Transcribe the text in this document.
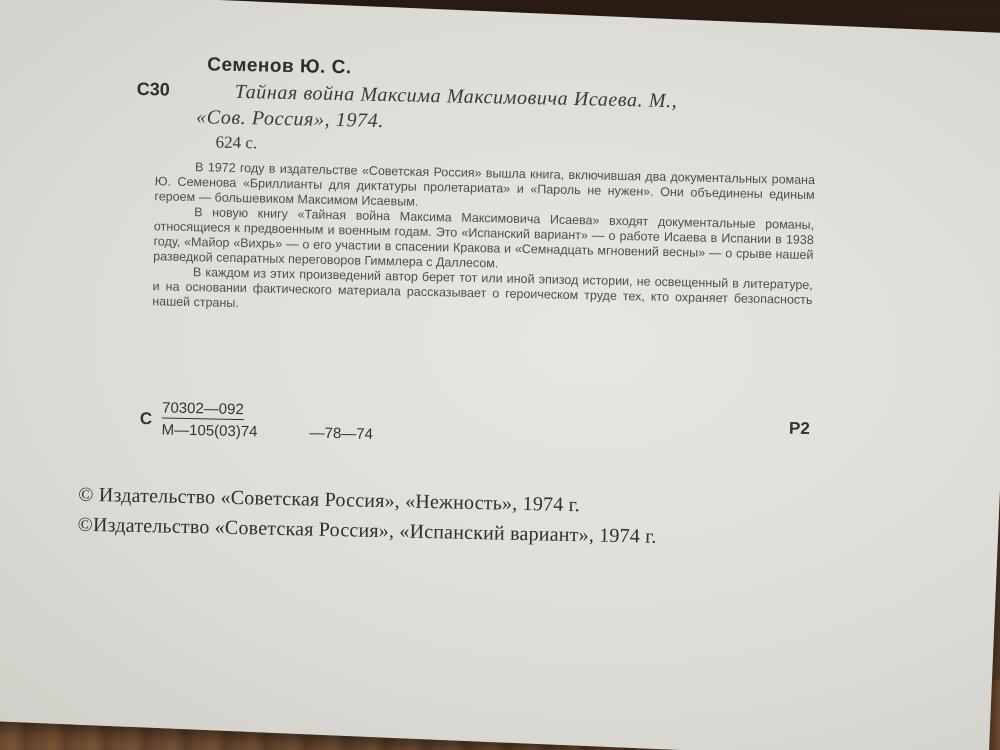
Семенов Ю. С.
С30	Тайная война Максима Максимовича Исаева. М.,
«Сов. Россия», 1974.
624 с.

В 1972 году в издательстве «Советская Россия» вышла книга, включившая два документальных романа Ю. Семенова «Бриллианты для диктатуры пролетариата» и «Пароль не нужен». Они объединены единым героем — большевиком Максимом Исаевым.

В новую книгу «Тайная война Максима Максимовича Исаева» входят документальные романы, относящиеся к предвоенным и военным годам. Это «Испанский вариант» — о работе Исаева в Испании в 1938 году, «Майор «Вихрь» — о его участии в спасении Кракова и «Семнадцать мгновений весны» — о срыве нашей разведкой сепаратных переговоров Гиммлера с Даллесом.

В каждом из этих произведений автор берет тот или иной эпизод истории, не освещенный в литературе, и на основании фактического материала рассказывает о героическом труде тех, кто охраняет безопасность нашей страны.

С
70302—092
М—105(03)74	—78—74	Р2
© Издательство «Советская Россия», «Нежность», 1974 г.
©Издательство «Советская Россия», «Испанский вариант», 1974 г.
